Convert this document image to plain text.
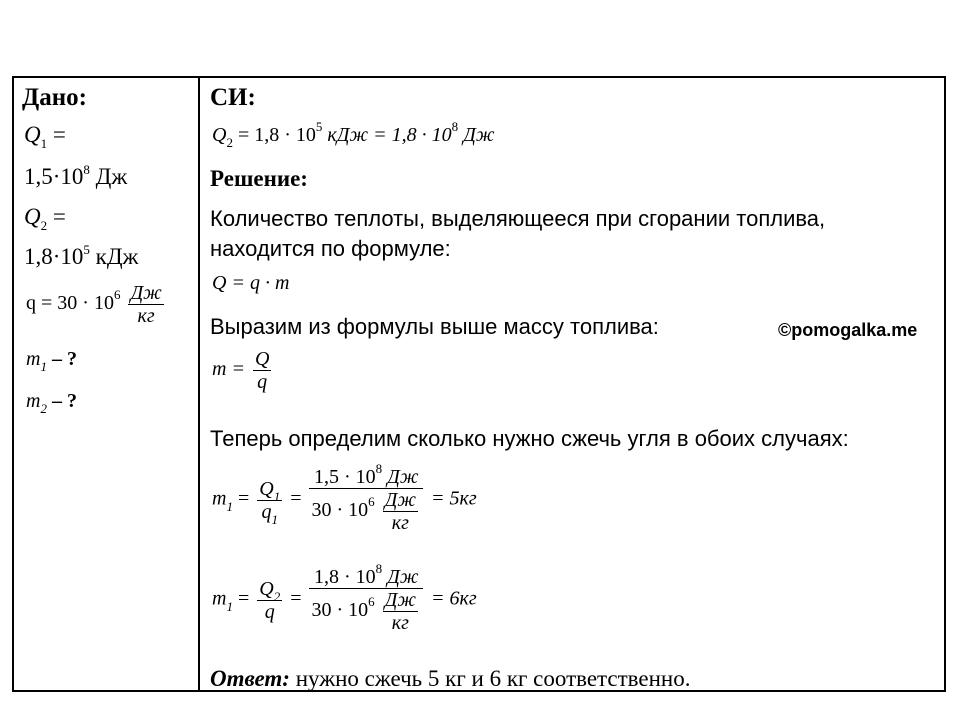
Дано:
$Q_1$ =
$1,5\cdot 10^8$ Дж
$Q_2$ =
$1,8\cdot 10^5$ кДж
$q = 30 \cdot 10^6 \frac{Дж}{кг}$
$m_1$ – ?
$m_2$ – ?
СИ:
$Q_2 = 1,8 \cdot 10^5$ кДж = $1,8 \cdot 10^8$ Дж
Решение:
Количество теплоты, выделяющееся при сгорании топлива,
находится по формуле:
Q = q · m
Выразим из формулы выше массу топлива:
$m = \frac{Q}{q}$
Теперь определим сколько нужно сжечь угля в обоих случаях:
$m_1 = \frac{Q_1}{q_1} = \frac{1,5 \cdot 10^8 Дж}{30 \cdot 10^6 \frac{Дж}{кг}} = 5кг$
$m_1 = \frac{Q_2}{q} = \frac{1,8 \cdot 10^8 Дж}{30 \cdot 10^6 \frac{Дж}{кг}} = 6кг$
Ответ: нужно сжечь 5 кг и 6 кг соответственно.
©pomogalka.me
